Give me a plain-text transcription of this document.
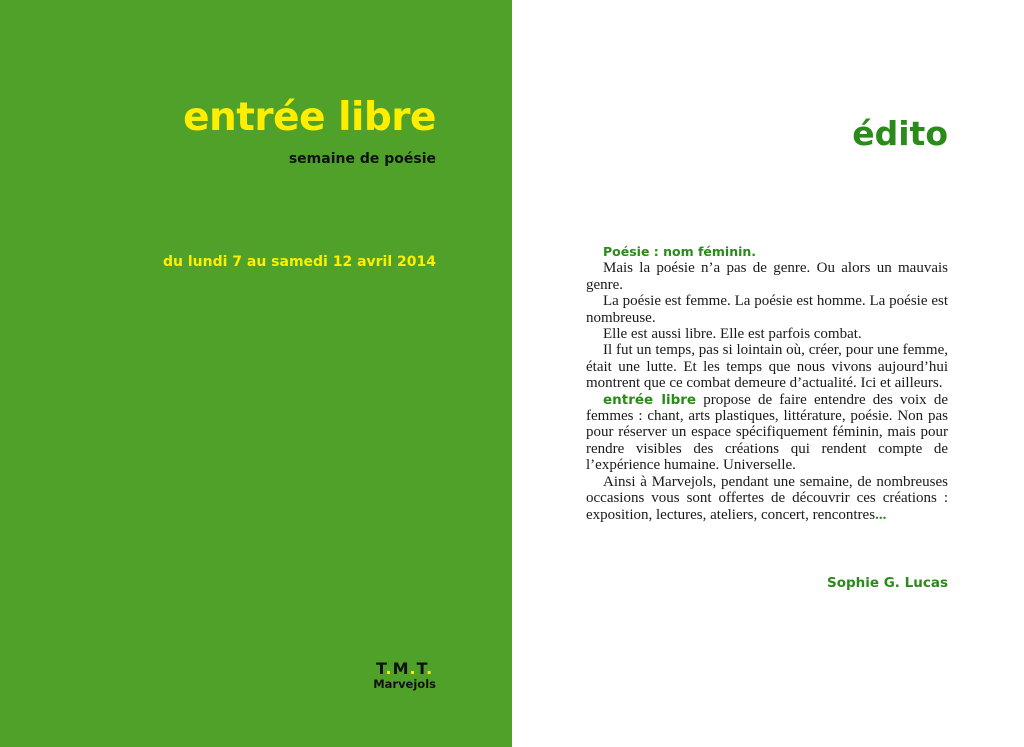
entrée libre
semaine de poésie
du lundi 7 au samedi 12 avril 2014
T.M.T.
Marvejols
édito

Poésie : nom féminin.

Mais la poésie n’a pas de genre. Ou alors un mauvais genre.

La poésie est femme. La poésie est homme. La poésie est nombreuse.

Elle est aussi libre. Elle est parfois combat.

Il fut un temps, pas si lointain où, créer, pour une femme, était une lutte. Et les temps que nous vivons aujourd’hui montrent que ce combat demeure d’actualité. Ici et ailleurs.

entrée libre propose de faire entendre des voix de femmes : chant, arts plastiques, littérature, poésie. Non pas pour réserver un espace spécifiquement féminin, mais pour rendre visibles des créations qui rendent compte de l’expérience humaine. Universelle.

Ainsi à Marvejols, pendant une semaine, de nombreuses occasions vous sont offertes de découvrir ces créations : exposition, lectures, ateliers, concert, rencontres...

Sophie G. Lucas
